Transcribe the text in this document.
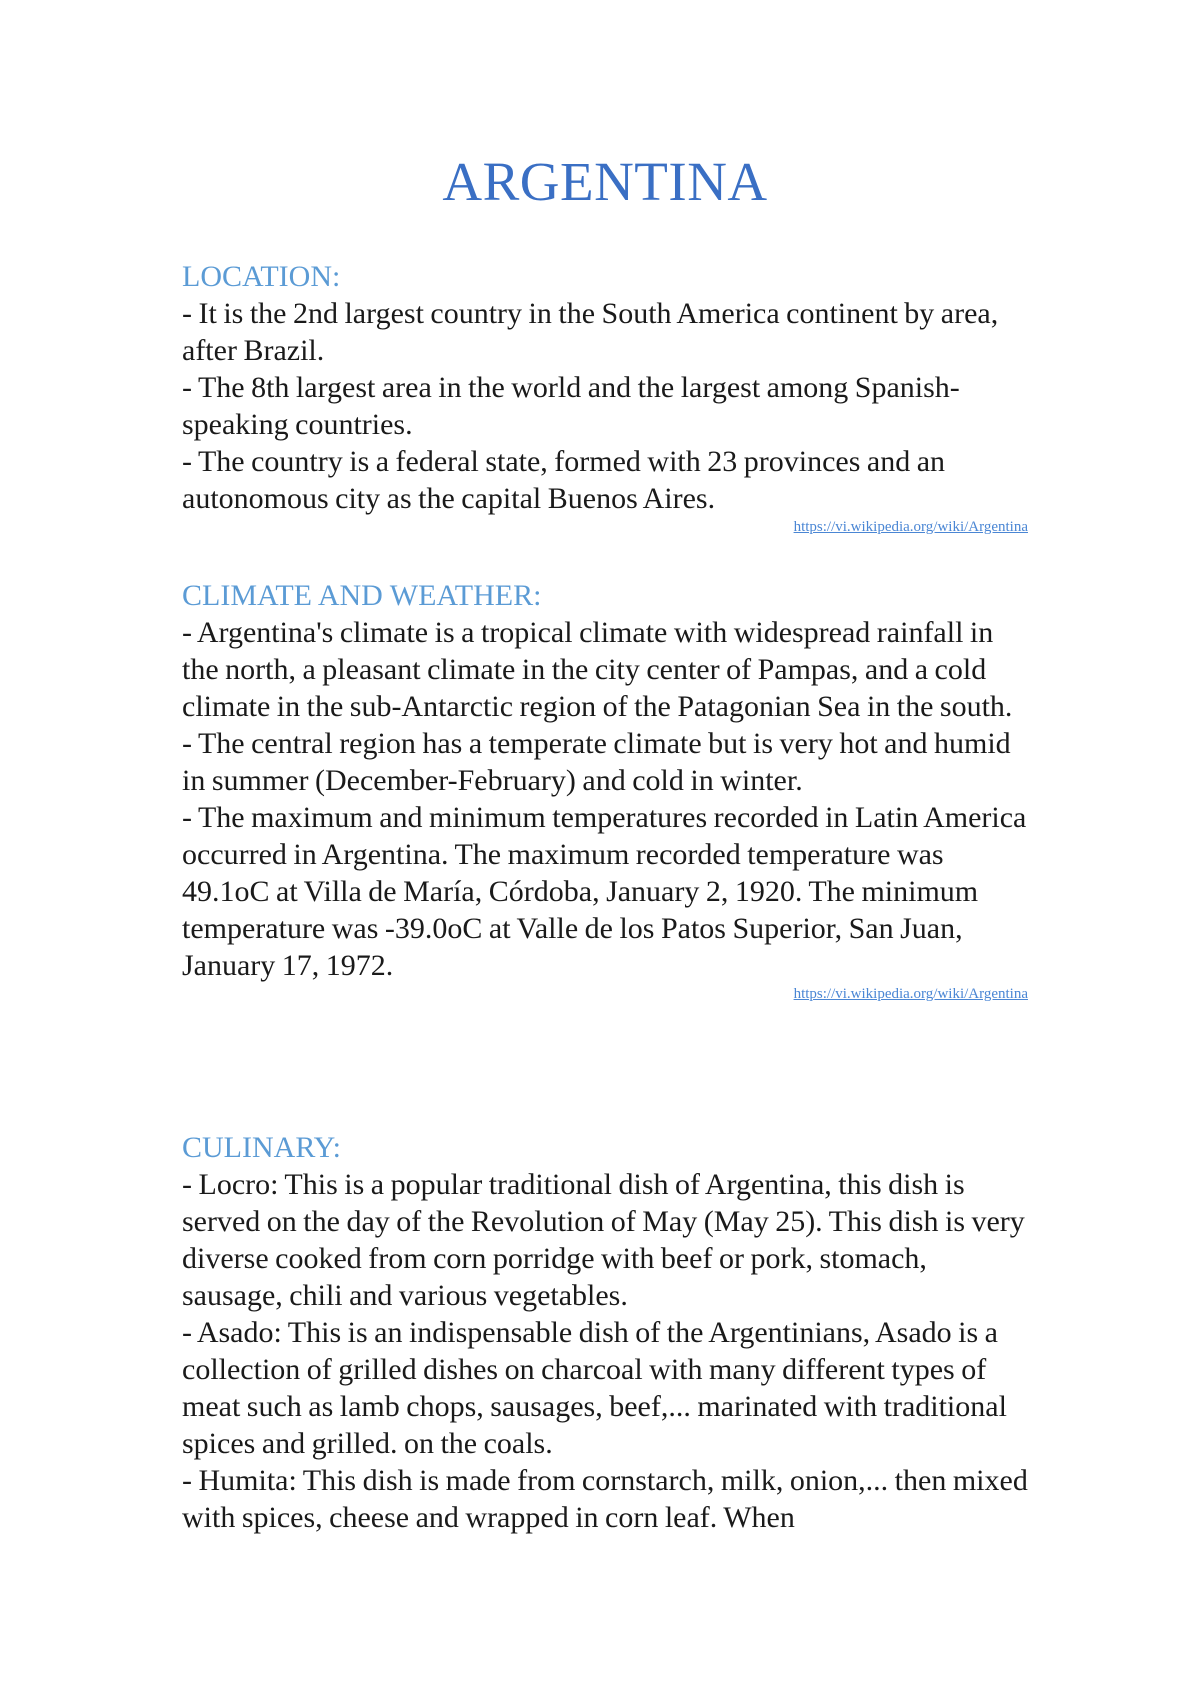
ARGENTINA

LOCATION:

- It is the 2nd largest country in the South America continent by area, after Brazil.

- The 8th largest area in the world and the largest among Spanish-speaking countries.

- The country is a federal state, formed with 23 provinces and an autonomous city as the capital Buenos Aires.

https://vi.wikipedia.org/wiki/Argentina

CLIMATE AND WEATHER:

- Argentina's climate is a tropical climate with widespread rainfall in the north, a pleasant climate in the city center of Pampas, and a cold climate in the sub-Antarctic region of the Patagonian Sea in the south.

- The central region has a temperate climate but is very hot and humid in summer (December-February) and cold in winter.

- The maximum and minimum temperatures recorded in Latin America occurred in Argentina. The maximum recorded temperature was 49.1oC at Villa de María, Córdoba, January 2, 1920. The minimum temperature was -39.0oC at Valle de los Patos Superior, San Juan, January 17, 1972.

https://vi.wikipedia.org/wiki/Argentina

CULINARY:

- Locro: This is a popular traditional dish of Argentina, this dish is served on the day of the Revolution of May (May 25). This dish is very diverse cooked from corn porridge with beef or pork, stomach, sausage, chili and various vegetables.

- Asado: This is an indispensable dish of the Argentinians, Asado is a collection of grilled dishes on charcoal with many different types of meat such as lamb chops, sausages, beef,... marinated with traditional spices and grilled. on the coals.

- Humita: This dish is made from cornstarch, milk, onion,... then mixed with spices, cheese and wrapped in corn leaf. When
